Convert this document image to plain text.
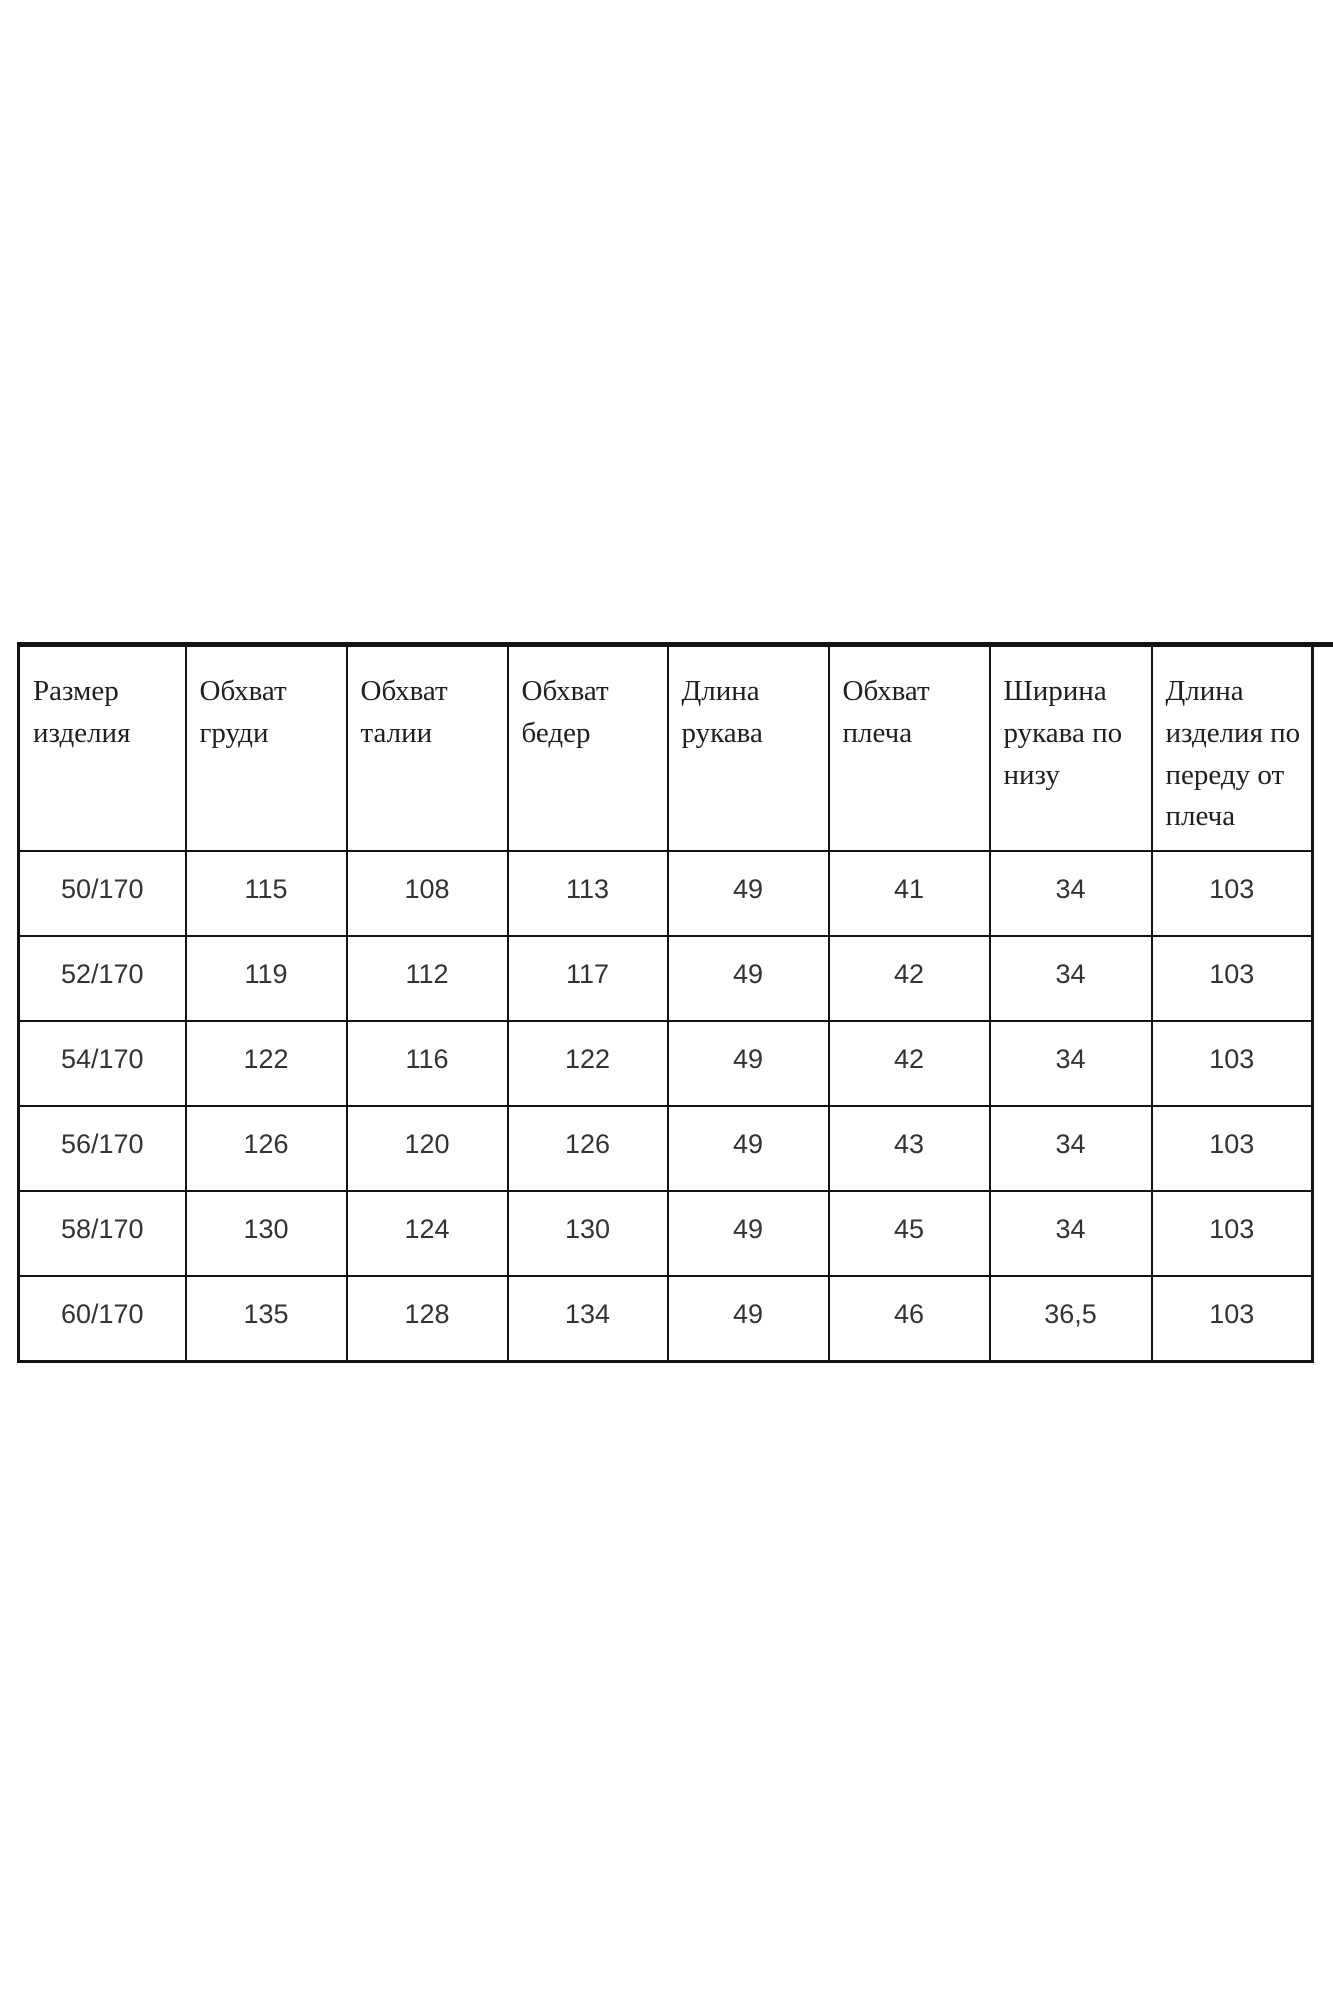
Размер изделия	Обхват груди	Обхват талии	Обхват бедер	Длина рукава	Обхват плеча	Ширина рукава по низу	Длина изделия по переду от плеча
50/170	115	108	113	49	41	34	103
52/170	119	112	117	49	42	34	103
54/170	122	116	122	49	42	34	103
56/170	126	120	126	49	43	34	103
58/170	130	124	130	49	45	34	103
60/170	135	128	134	49	46	36,5	103
